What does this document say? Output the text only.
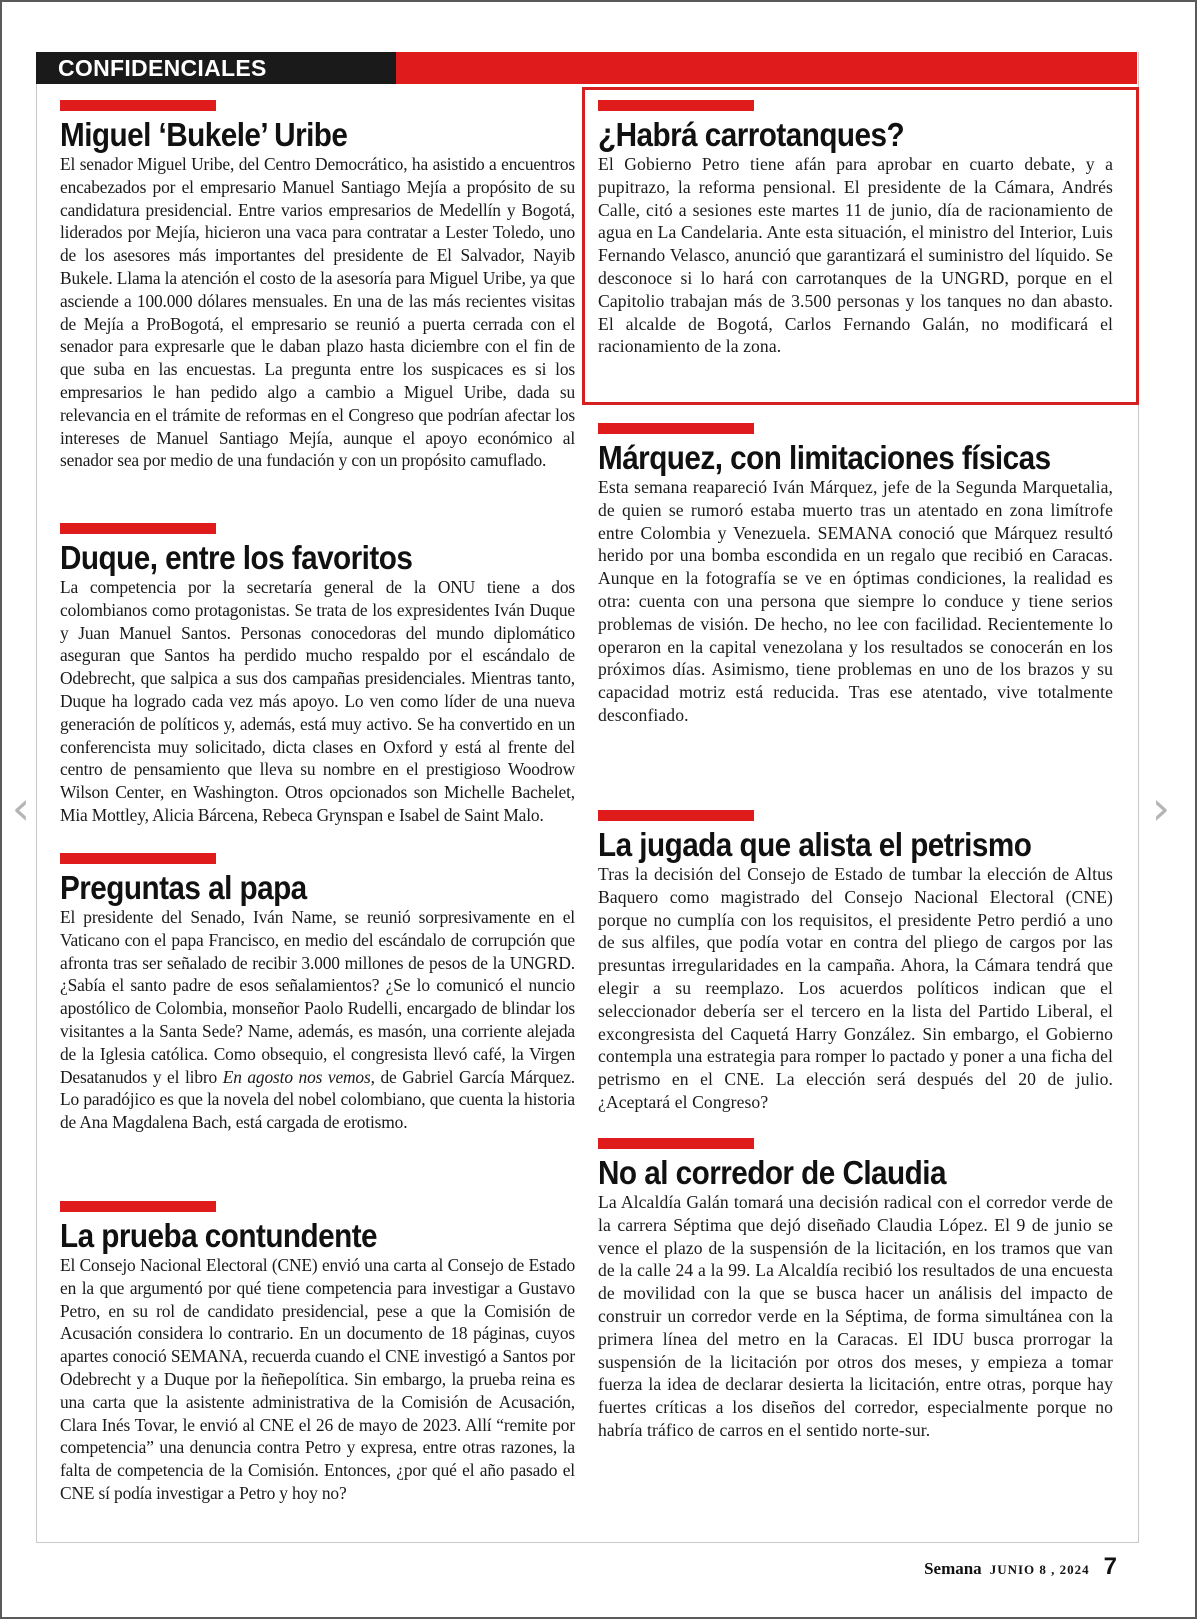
CONFIDENCIALES
Miguel ‘Bukele’ Uribe

El senador Miguel Uribe, del Centro Democrático, ha asistido a encuentros encabezados por el empresario Manuel Santiago Mejía a propósito de su candidatura presidencial. Entre varios empresarios de Medellín y Bogotá, liderados por Mejía, hicieron una vaca para contratar a Lester Toledo, uno de los asesores más importantes del presidente de El Salvador, Nayib Bukele. Llama la atención el costo de la asesoría para Miguel Uribe, ya que asciende a 100.000 dólares mensuales. En una de las más recientes visitas de Mejía a ProBogotá, el empresario se reunió a puerta cerrada con el senador para expresarle que le daban plazo hasta diciembre con el fin de que suba en las encuestas. La pregunta entre los suspicaces es si los empresarios le han pedido algo a cambio a Miguel Uribe, dada su relevancia en el trámite de reformas en el Congreso que podrían afectar los intereses de Manuel Santiago Mejía, aunque el apoyo económico al senador sea por medio de una fundación y con un propósito camuflado.

Duque, entre los favoritos

La competencia por la secretaría general de la ONU tiene a dos colombianos como protagonistas. Se trata de los expresidentes Iván Duque y Juan Manuel Santos. Personas conocedoras del mundo diplomático aseguran que Santos ha perdido mucho respaldo por el escándalo de Odebrecht, que salpica a sus dos campañas presidenciales. Mientras tanto, Duque ha logrado cada vez más apoyo. Lo ven como líder de una nueva generación de políticos y, además, está muy activo. Se ha convertido en un conferencista muy solicitado, dicta clases en Oxford y está al frente del centro de pensamiento que lleva su nombre en el prestigioso Woodrow Wilson Center, en Washington. Otros opcionados son Michelle Bachelet, Mia Mottley, Alicia Bárcena, Rebeca Grynspan e Isabel de Saint Malo.

Preguntas al papa

El presidente del Senado, Iván Name, se reunió sorpresivamente en el Vaticano con el papa Francisco, en medio del escándalo de corrupción que afronta tras ser señalado de recibir 3.000 millones de pesos de la UNGRD. ¿Sabía el santo padre de esos señalamientos? ¿Se lo comunicó el nuncio apostólico de Colombia, monseñor Paolo Rudelli, encargado de blindar los visitantes a la Santa Sede? Name, además, es masón, una corriente alejada de la Iglesia católica. Como obsequio, el congresista llevó café, la Virgen Desatanudos y el libro En agosto nos vemos, de Gabriel García Márquez. Lo paradójico es que la novela del nobel colombiano, que cuenta la historia de Ana Magdalena Bach, está cargada de erotismo.

La prueba contundente

El Consejo Nacional Electoral (CNE) envió una carta al Consejo de Estado en la que argumentó por qué tiene competencia para investigar a Gustavo Petro, en su rol de candidato presidencial, pese a que la Comisión de Acusación considera lo contrario. En un documento de 18 páginas, cuyos apartes conoció SEMANA, recuerda cuando el CNE investigó a Santos por Odebrecht y a Duque por la ñeñepolítica. Sin embargo, la prueba reina es una carta que la asistente administrativa de la Comisión de Acusación, Clara Inés Tovar, le envió al CNE el 26 de mayo de 2023. Allí “remite por competencia” una denuncia contra Petro y expresa, entre otras razones, la falta de competencia de la Comisión. Entonces, ¿por qué el año pasado el CNE sí podía investigar a Petro y hoy no?

¿Habrá carrotanques?

El Gobierno Petro tiene afán para aprobar en cuarto debate, y a pupitrazo, la reforma pensional. El presidente de la Cámara, Andrés Calle, citó a sesiones este martes 11 de junio, día de racionamiento de agua en La Candelaria. Ante esta situación, el ministro del Interior, Luis Fernando Velasco, anunció que garantizará el suministro del líquido. Se desconoce si lo hará con carrotanques de la UNGRD, porque en el Capitolio trabajan más de 3.500 personas y los tanques no dan abasto. El alcalde de Bogotá, Carlos Fernando Galán, no modificará el racionamiento de la zona.

Márquez, con limitaciones físicas

Esta semana reapareció Iván Márquez, jefe de la Segunda Marquetalia, de quien se rumoró estaba muerto tras un atentado en zona limítrofe entre Colombia y Venezuela. SEMANA conoció que Márquez resultó herido por una bomba escondida en un regalo que recibió en Caracas. Aunque en la fotografía se ve en óptimas condiciones, la realidad es otra: cuenta con una persona que siempre lo conduce y tiene serios problemas de visión. De hecho, no lee con facilidad. Recientemente lo operaron en la capital venezolana y los resultados se conocerán en los próximos días. Asimismo, tiene problemas en uno de los brazos y su capacidad motriz está reducida. Tras ese atentado, vive totalmente desconfiado.

La jugada que alista el petrismo

Tras la decisión del Consejo de Estado de tumbar la elección de Altus Baquero como magistrado del Consejo Nacional Electoral (CNE) porque no cumplía con los requisitos, el presidente Petro perdió a uno de sus alfiles, que podía votar en contra del pliego de cargos por las presuntas irregularidades en la campaña. Ahora, la Cámara tendrá que elegir a su reemplazo. Los acuerdos políticos indican que el seleccionador debería ser el tercero en la lista del Partido Liberal, el excongresista del Caquetá Harry González. Sin embargo, el Gobierno contempla una estrategia para romper lo pactado y poner a una ficha del petrismo en el CNE. La elección será después del 20 de julio. ¿Aceptará el Congreso?

No al corredor de Claudia

La Alcaldía Galán tomará una decisión radical con el corredor verde de la carrera Séptima que dejó diseñado Claudia López. El 9 de junio se vence el plazo de la suspensión de la licitación, en los tramos que van de la calle 24 a la 99. La Alcaldía recibió los resultados de una encuesta de movilidad con la que se busca hacer un análisis del impacto de construir un corredor verde en la Séptima, de forma simultánea con la primera línea del metro en la Caracas. El IDU busca prorrogar la suspensión de la licitación por otros dos meses, y empieza a tomar fuerza la idea de declarar desierta la licitación, entre otras, porque hay fuertes críticas a los diseños del corredor, especialmente porque no habría tráfico de carros en el sentido norte-sur.

‹	›
Semana JUNIO 8 , 2024 7
